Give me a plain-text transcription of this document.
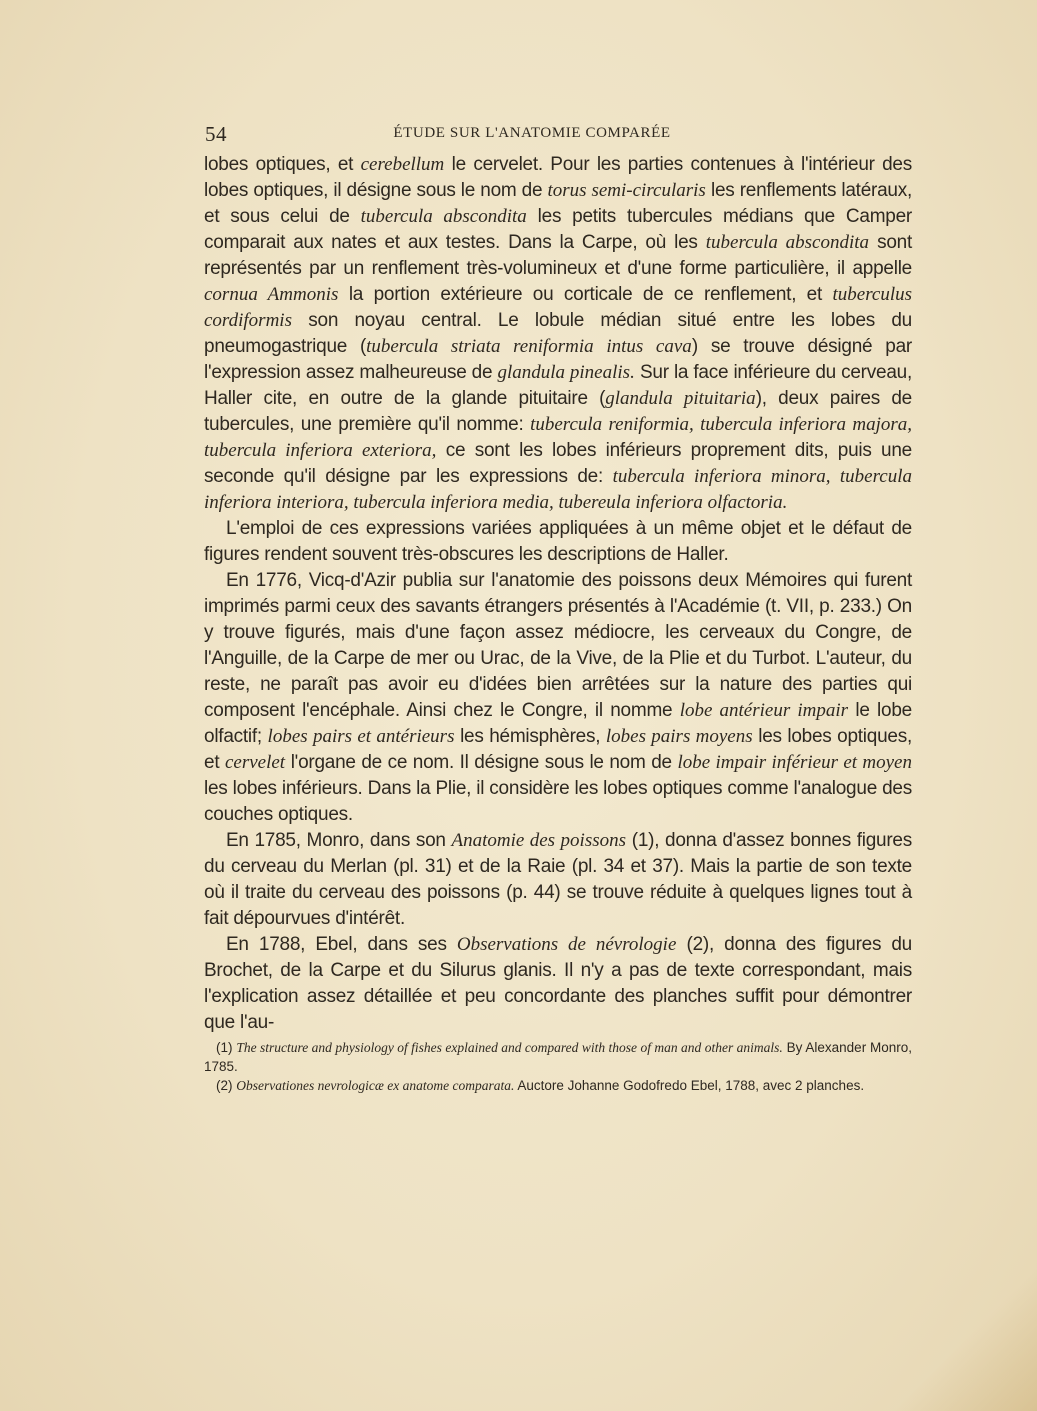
54	ÉTUDE SUR L'ANATOMIE COMPARÉE

lobes optiques, et cerebellum le cervelet. Pour les parties contenues à l'intérieur des lobes optiques, il désigne sous le nom de torus semi-circularis les renflements latéraux, et sous celui de tubercula abscondita les petits tubercules médians que Camper comparait aux nates et aux testes. Dans la Carpe, où les tubercula abscondita sont représentés par un renflement très-volumineux et d'une forme particulière, il appelle cornua Ammonis la portion extérieure ou corticale de ce renflement, et tuberculus cordiformis son noyau central. Le lobule médian situé entre les lobes du pneumogastrique (tubercula striata reniformia intus cava) se trouve désigné par l'expression assez malheureuse de glandula pinealis. Sur la face inférieure du cerveau, Haller cite, en outre de la glande pituitaire (glandula pituitaria), deux paires de tubercules, une première qu'il nomme: tubercula reniformia, tubercula inferiora majora, tubercula inferiora exteriora, ce sont les lobes inférieurs proprement dits, puis une seconde qu'il désigne par les expressions de: tubercula inferiora minora, tubercula inferiora interiora, tubercula inferiora media, tubereula inferiora olfactoria.

L'emploi de ces expressions variées appliquées à un même objet et le défaut de figures rendent souvent très-obscures les descriptions de Haller.

En 1776, Vicq-d'Azir publia sur l'anatomie des poissons deux Mémoires qui furent imprimés parmi ceux des savants étrangers présentés à l'Académie (t. VII, p. 233.) On y trouve figurés, mais d'une façon assez médiocre, les cerveaux du Congre, de l'Anguille, de la Carpe de mer ou Urac, de la Vive, de la Plie et du Turbot. L'auteur, du reste, ne paraît pas avoir eu d'idées bien arrêtées sur la nature des parties qui composent l'encéphale. Ainsi chez le Congre, il nomme lobe antérieur impair le lobe olfactif; lobes pairs et antérieurs les hémisphères, lobes pairs moyens les lobes optiques, et cervelet l'organe de ce nom. Il désigne sous le nom de lobe impair inférieur et moyen les lobes inférieurs. Dans la Plie, il considère les lobes optiques comme l'analogue des couches optiques.

En 1785, Monro, dans son Anatomie des poissons (1), donna d'assez bonnes figures du cerveau du Merlan (pl. 31) et de la Raie (pl. 34 et 37). Mais la partie de son texte où il traite du cerveau des poissons (p. 44) se trouve réduite à quelques lignes tout à fait dépourvues d'intérêt.

En 1788, Ebel, dans ses Observations de névrologie (2), donna des figures du Brochet, de la Carpe et du Silurus glanis. Il n'y a pas de texte correspondant, mais l'explication assez détaillée et peu concordante des planches suffit pour démontrer que l'au-

(1) The structure and physiology of fishes explained and compared with those of man and other animals. By Alexander Monro, 1785.

(2) Observationes nevrologicæ ex anatome comparata. Auctore Johanne Godofredo Ebel, 1788, avec 2 planches.
